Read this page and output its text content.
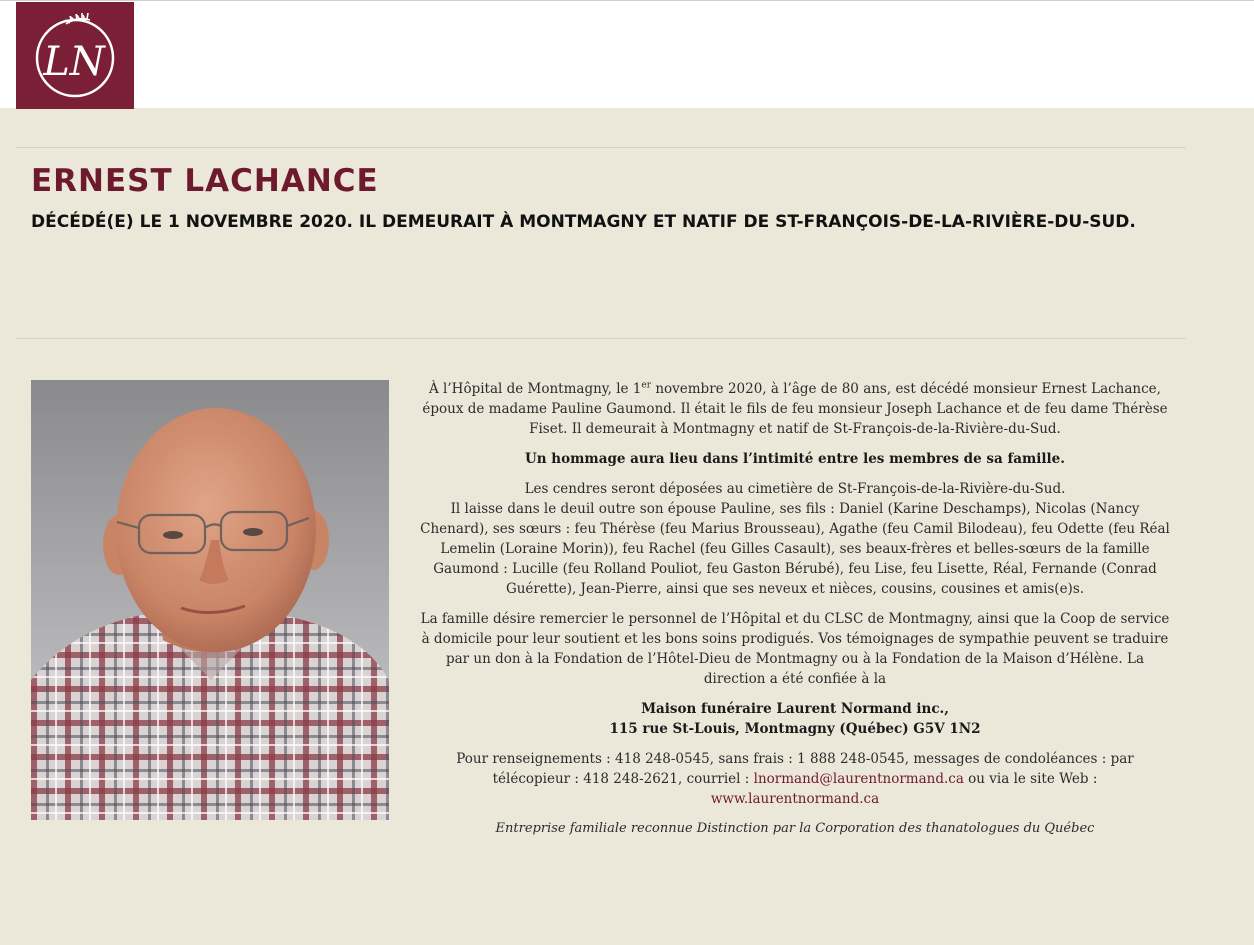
LN
ERNEST LACHANCE
DÉCÉDÉ(E) LE 1 NOVEMBRE 2020. IL DEMEURAIT À MONTMAGNY ET NATIF DE ST-FRANÇOIS-DE-LA-RIVIÈRE-DU-SUD.

À l’Hôpital de Montmagny, le 1er novembre 2020, à l’âge de 80 ans, est décédé monsieur Ernest Lachance, époux de madame Pauline Gaumond. Il était le fils de feu monsieur Joseph Lachance et de feu dame Thérèse Fiset. Il demeurait à Montmagny et natif de St-François-de-la-Rivière-du-Sud.

Un hommage aura lieu dans l’intimité entre les membres de sa famille.

Les cendres seront déposées au cimetière de St-François-de-la-Rivière-du-Sud.
Il laisse dans le deuil outre son épouse Pauline, ses fils : Daniel (Karine Deschamps), Nicolas (Nancy Chenard), ses sœurs : feu Thérèse (feu Marius Brousseau), Agathe (feu Camil Bilodeau), feu Odette (feu Réal Lemelin (Loraine Morin)), feu Rachel (feu Gilles Casault), ses beaux-frères et belles-sœurs de la famille Gaumond : Lucille (feu Rolland Pouliot, feu Gaston Bérubé), feu Lise, feu Lisette, Réal, Fernande (Conrad Guérette), Jean-Pierre, ainsi que ses neveux et nièces, cousins, cousines et amis(e)s.

La famille désire remercier le personnel de l’Hôpital et du CLSC de Montmagny, ainsi que la Coop de service à domicile pour leur soutient et les bons soins prodigués. Vos témoignages de sympathie peuvent se traduire par un don à la Fondation de l’Hôtel-Dieu de Montmagny ou à la Fondation de la Maison d’Hélène. La direction a été confiée à la

Maison funéraire Laurent Normand inc.,
115 rue St-Louis, Montmagny (Québec) G5V 1N2

Pour renseignements : 418 248-0545, sans frais : 1 888 248-0545, messages de condoléances : par télécopieur : 418 248-2621, courriel : lnormand@laurentnormand.ca ou via le site Web :
www.laurentnormand.ca

Entreprise familiale reconnue Distinction par la Corporation des thanatologues du Québec
